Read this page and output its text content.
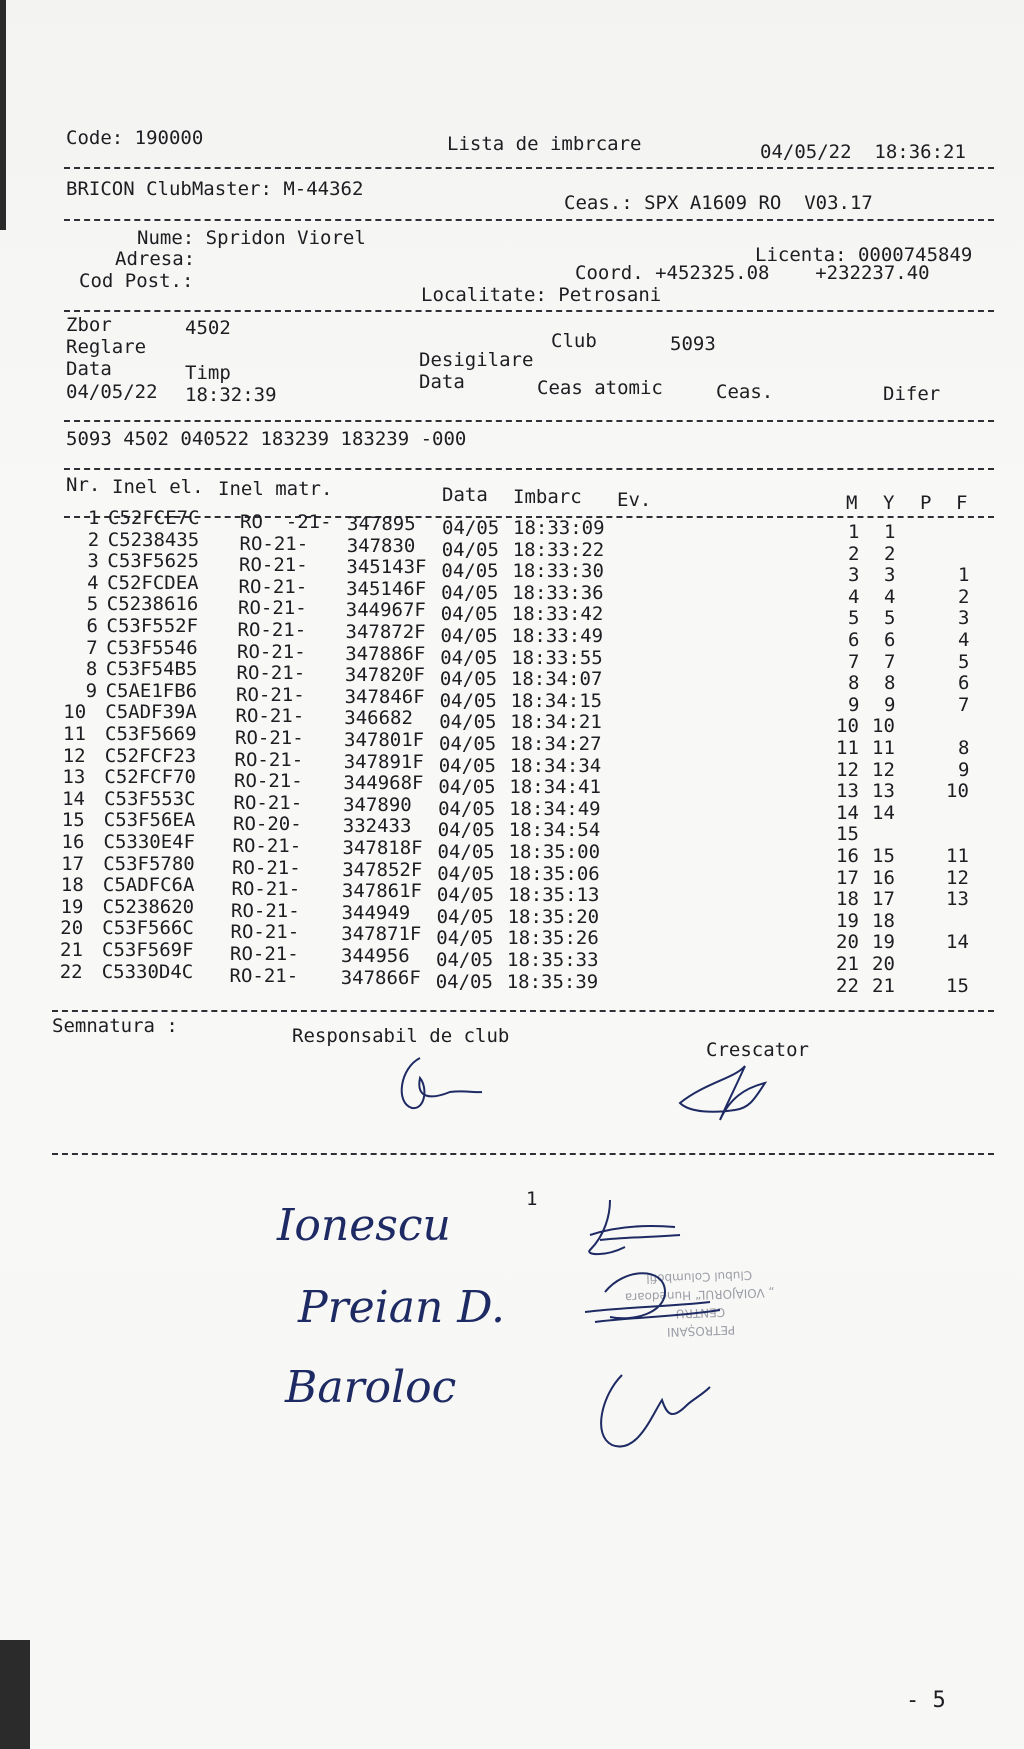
Code: 190000	Lista de imbrcare	04/05/22  18:36:21
BRICON ClubMaster: M-44362
Ceas.: SPX A1609 RO  V03.17
Nume: Spridon Viorel
Adresa:
Cod Post.:
Licenta: 0000745849
Coord. +452325.08    +232237.40
Localitate: Petrosani
Zbor	4502
Club	5093
Reglare
Data	Timp
Desigilare
04/05/22 18:32:39
Data	Ceas atomic	Ceas.	Difer
5093 4502 040522 183239 183239 -000
Nr. Inel el. Inel matr.	Data Imbarc Ev.	M Y P F
1 C52FCE7C RO  -21- 347895 04/05 18:33:09	1 1
2 C5238435 RO-21- 347830 04/05 18:33:22	2 2
3 C53F5625 RO-21- 345143F 04/05 18:33:30	3 3	1
4 C52FCDEA RO-21- 345146F 04/05 18:33:36	4 4	2
5 C5238616 RO-21- 344967F 04/05 18:33:42	5 5	3
6 C53F552F RO-21- 347872F 04/05 18:33:49	6 6	4
7 C53F5546 RO-21- 347886F 04/05 18:33:55	7 7	5
8 C53F54B5 RO-21- 347820F 04/05 18:34:07	8 8	6
9 C5AE1FB6 RO-21- 347846F 04/05 18:34:15	9 9	7
10 C5ADF39A RO-21- 346682 04/05 18:34:21	10 10
11 C53F5669 RO-21- 347801F 04/05 18:34:27	11 11	8
12 C52FCF23 RO-21- 347891F 04/05 18:34:34	12 12	9
13 C52FCF70 RO-21- 344968F 04/05 18:34:41	13 13	10
14 C53F553C RO-21- 347890 04/05 18:34:49	14 14
15 C53F56EA RO-20- 332433 04/05 18:34:54	15
16 C5330E4F RO-21- 347818F 04/05 18:35:00	16 15	11
17 C53F5780 RO-21- 347852F 04/05 18:35:06	17 16	12
18 C5ADFC6A RO-21- 347861F 04/05 18:35:13	18 17	13
19 C5238620 RO-21- 344949 04/05 18:35:20	19 18
20 C53F566C RO-21- 347871F 04/05 18:35:26	20 19	14
21 C53F569F RO-21- 344956 04/05 18:35:33	21 20
22 C5330D4C RO-21- 347866F 04/05 18:35:39	22 21	15
Semnatura :	Responsabil de club
Crescator
1
Ionescu
Preian D.
Baroloc
PETROȘANI
CENTRU
„ VOIAJORUL“ Hunedoara
Clubul Columbofil
- 5
